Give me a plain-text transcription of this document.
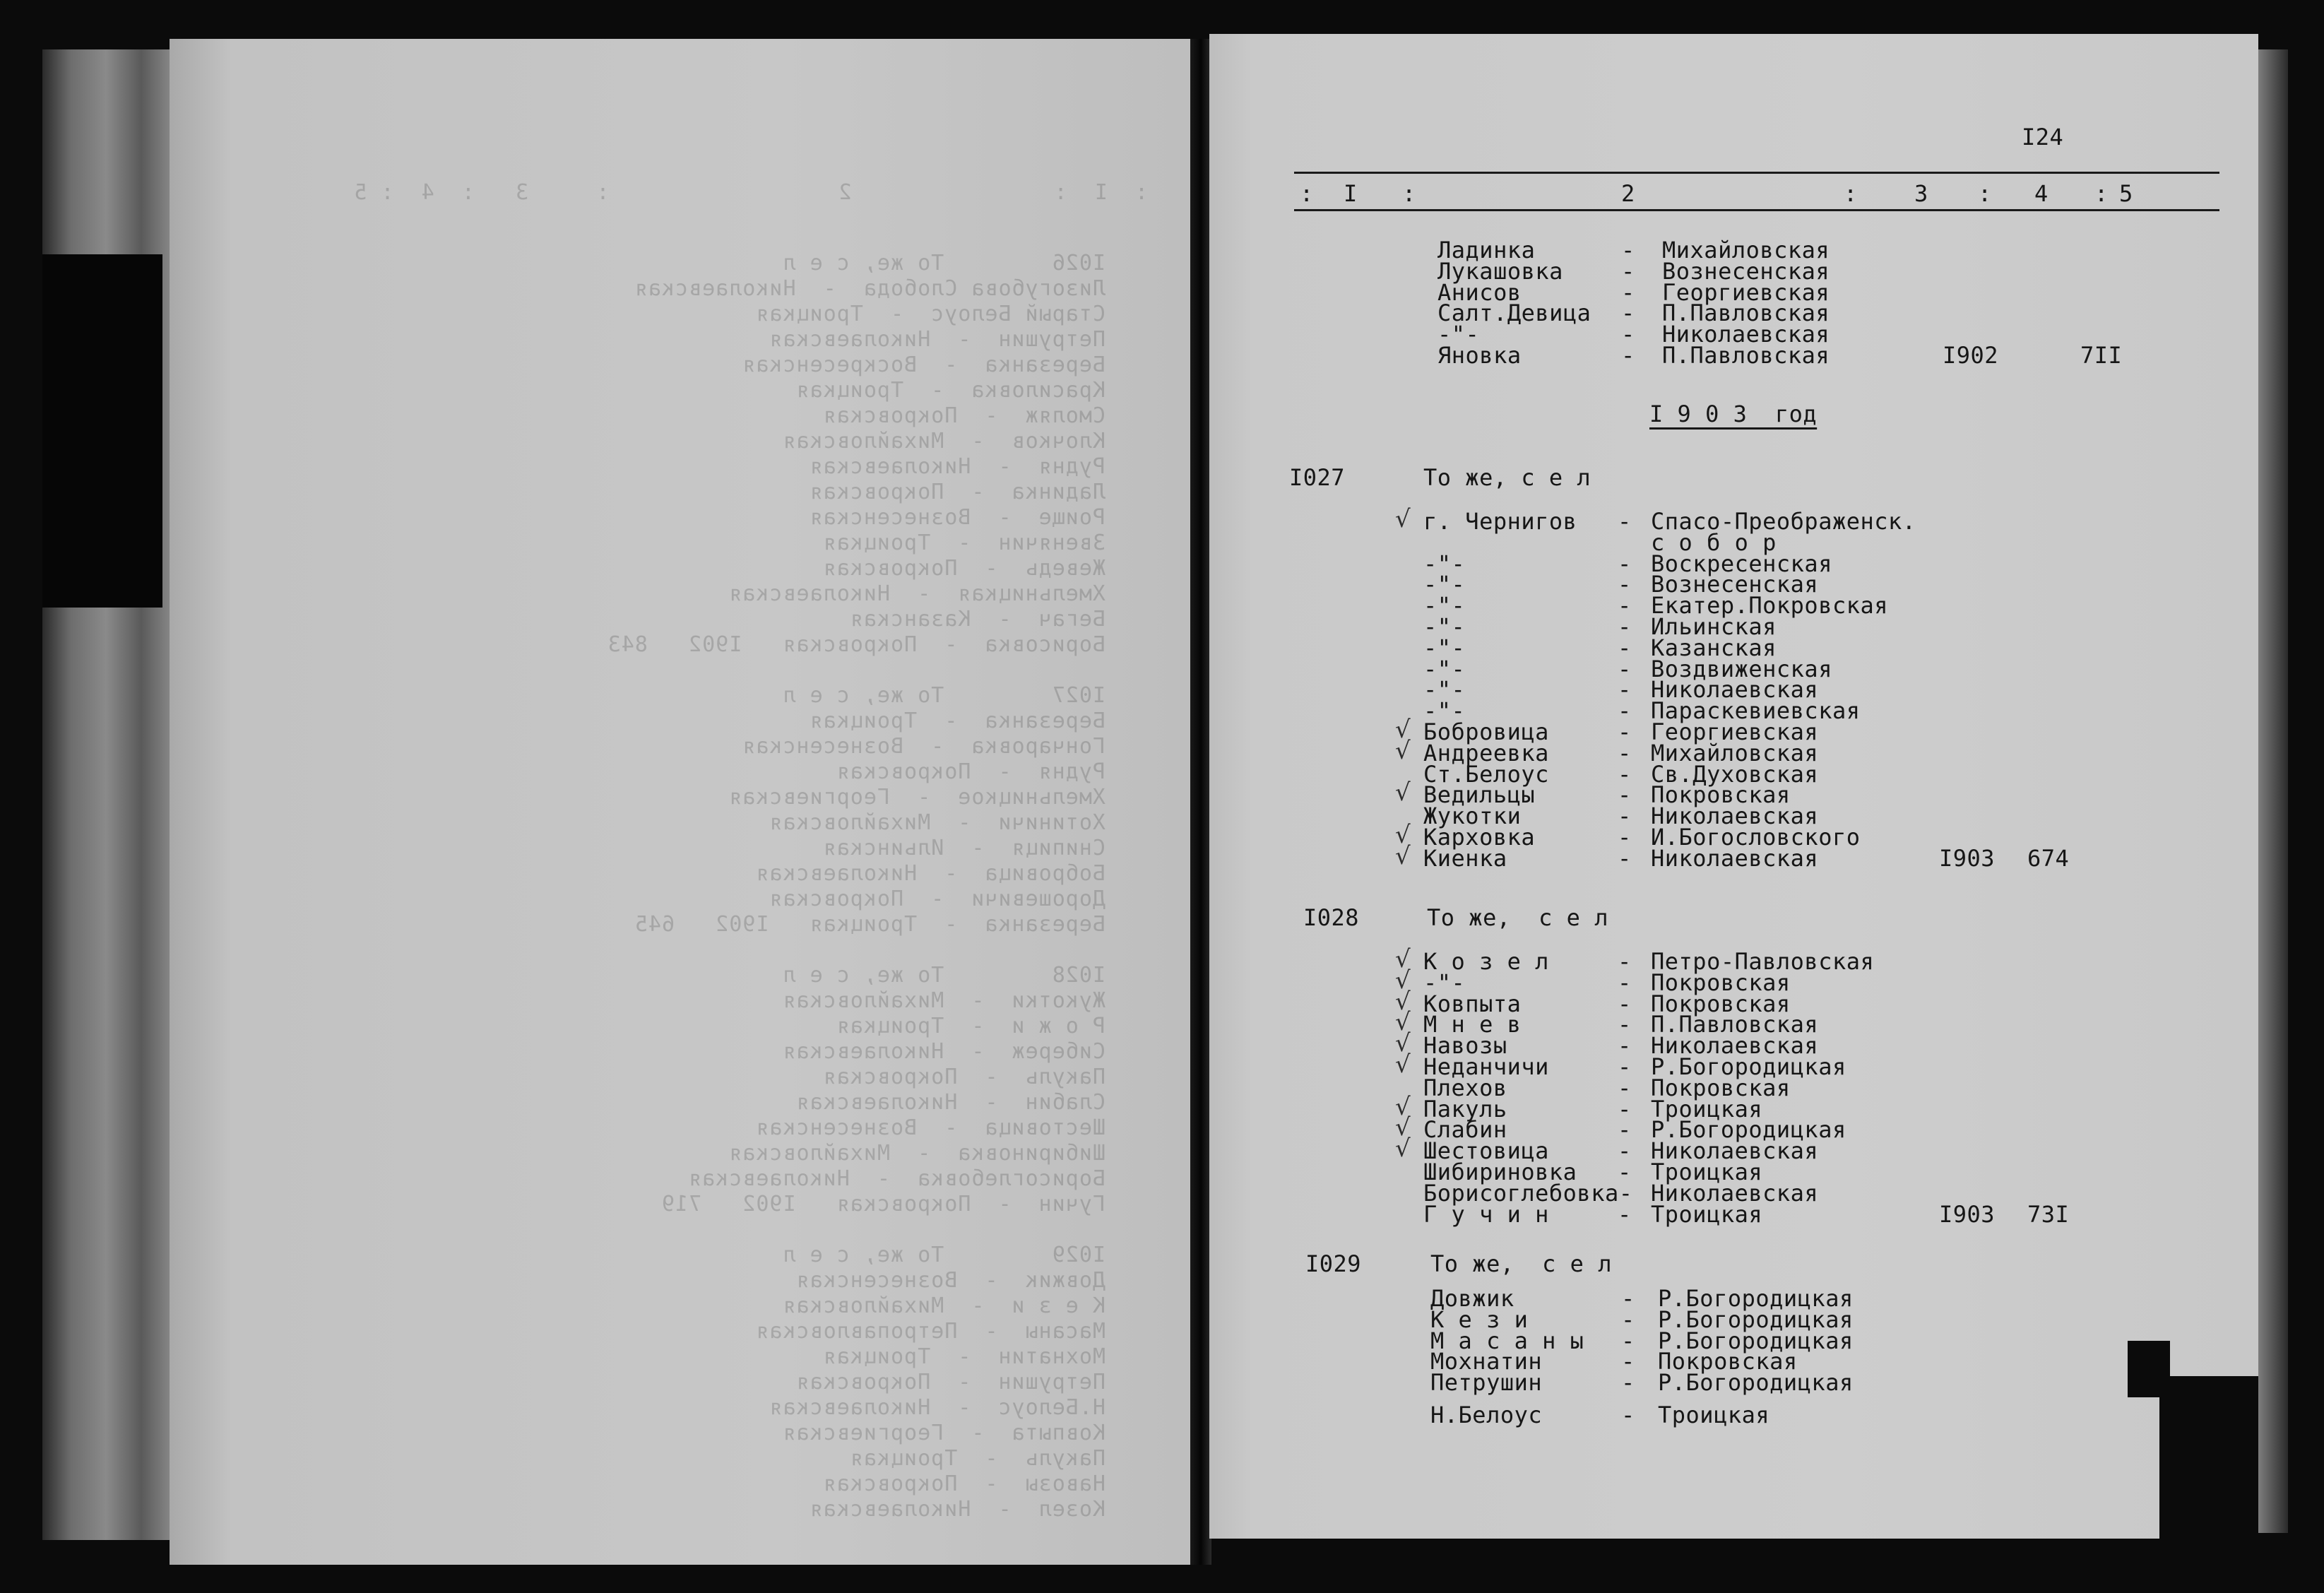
:  I  :               2                 :     3   :  4  : 5
I026        То же, с е л
Лизогубова Слобода  -  Николаевская
Старый Белоус  -  Троицкая
Петрушин  -  Николаевская
Березанка  -  Воскресенская
Красиловка  -  Троицкая
Смоляж  -  Покровская
Клочков  -  Михайловская
Рудня  -  Николаевская
Ладинка  -  Покровская
Роище  -  Вознесенская
Звенячин  -  Троицкая
Жеведь  -  Покровская
Хмельницкая  -  Николаевская
Бегач  -  Казанская
Борисовка  -  Покровская   I902   843
I027        То же, с е л
Березанка  -  Троицкая
Гончаровка  -  Вознесенская
Рудня  -  Покровская
Хмельницкое  -  Георгиевская
Хотиничи  -  Михайловская
Снипиця  -  Ильинская
Бобровица  -  Николаевская
Дорошевичи  -  Покровская
Березанка  -  Троицкая   I902   645
I028        То же, с е л
Жукотки  -  Михайловская
Р о ж и  -  Троицкая
Сибереж  -  Николаевская
Пакуль  -  Покровская
Слабин  -  Николаевская
Шестовица  -  Вознесенская
Шибириновка  -  Михайловская
Борисоглебовка  -  Николаевская
Гучин  -  Покровская   I902   719
I029        То же, с е л
Довжик  -  Вознесенская
К е з и  -  Михайловская
Масаны  -  Петропавловская
Мохнатин  -  Троицкая
Петрушин  -  Покровская
Н.Белоус  -  Николаевская
Ковпыта  -  Георгиевская
Пакуль  -  Троицкая
Навозы  -  Покровская
Козел  -  Николаевская
I24
: I :	2	:	3 : 4 : 5
Ладинка	- Михайловская
Лукашовка	- Вознесенская
Анисов	- Георгиевская
Салт.Девица - П.Павловская
-"-	- Николаевская
Яновка	- П.Павловская	I902	7II
I 9 0 3  год
I027	То же, с е л
√ г. Чернигов - Спасо-Преображенск.
с о б о р
-"-	- Воскресенская
-"-	- Вознесенская
-"-	- Екатер.Покровская
-"-	- Ильинская
-"-	- Казанская
-"-	- Воздвиженская
-"-	- Николаевская
-"-	- Параскевиевская
√ Бобровица	- Георгиевская
√ Андреевка	- Михайловская
Ст.Белоус	- Св.Духовская
√ Ведильцы	- Покровская
Жукотки	- Николаевская
√ Карховка	- И.Богословского
√ Киенка	- Николаевская	I903 674
I028	То же,  с е л
√ К о з е л	- Петро-Павловская
√ -"-	- Покровская
√ Ковпыта	- Покровская
√ М н е в	- П.Павловская
√ Навозы	- Николаевская
√ Неданчичи	- Р.Богородицкая
Плехов	- Покровская
√ Пакуль	- Троицкая
√ Слабин	- Р.Богородицкая
√ Шестовица	- Николаевская
Шибириновка - Троицкая
Борисоглебовка- Николаевская
Г у ч и н	- Троицкая	I903 73I
I029	То же,  с е л
Довжик	- Р.Богородицкая
К е з и	- Р.Богородицкая
М а с а н ы - Р.Богородицкая
Мохнатин	- Покровская
Петрушин	- Р.Богородицкая
Н.Белоус	- Троицкая
